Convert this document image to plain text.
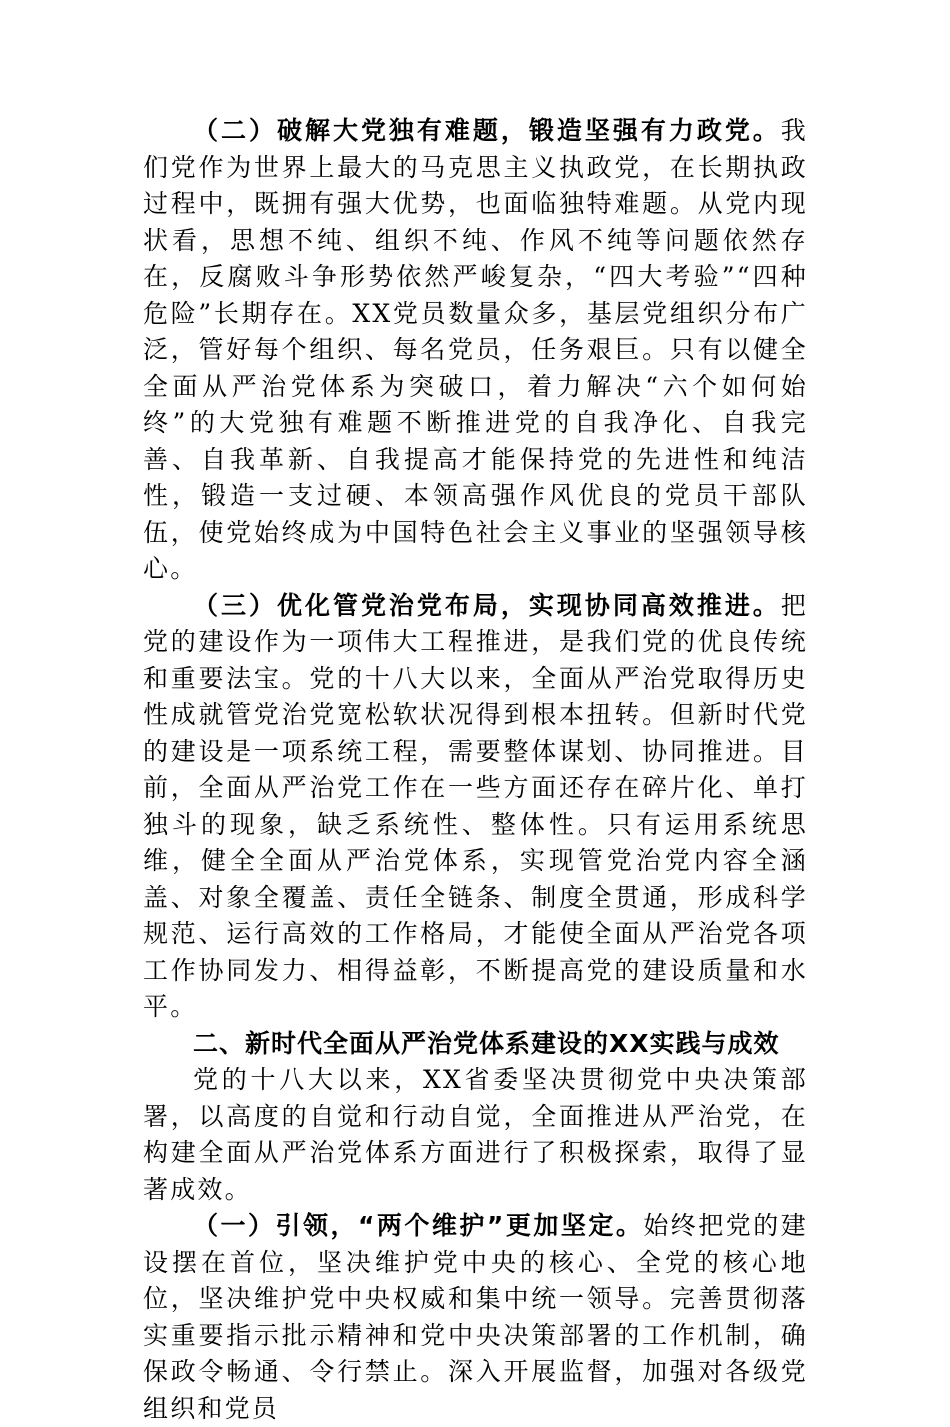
（二）破解大党独有难题，锻造坚强有力政党。我们党作为世界上最大的马克思主义执政党，在长期执政过程中，既拥有强大优势，也面临独特难题。从党内现状看，思想不纯、组织不纯、作风不纯等问题依然存在，反腐败斗争形势依然严峻复杂，“四大考验”“四种危险”长期存在。XX党员数量众多，基层党组织分布广泛，管好每个组织、每名党员，任务艰巨。只有以健全全面从严治党体系为突破口，着力解决“六个如何始终”的大党独有难题不断推进党的自我净化、自我完善、自我革新、自我提高才能保持党的先进性和纯洁性，锻造一支过硬、本领高强作风优良的党员干部队伍，使党始终成为中国特色社会主义事业的坚强领导核心。

（三）优化管党治党布局，实现协同高效推进。把党的建设作为一项伟大工程推进，是我们党的优良传统和重要法宝。党的十八大以来，全面从严治党取得历史性成就管党治党宽松软状况得到根本扭转。但新时代党的建设是一项系统工程，需要整体谋划、协同推进。目前，全面从严治党工作在一些方面还存在碎片化、单打独斗的现象，缺乏系统性、整体性。只有运用系统思维，健全全面从严治党体系，实现管党治党内容全涵盖、对象全覆盖、责任全链条、制度全贯通，形成科学规范、运行高效的工作格局，才能使全面从严治党各项工作协同发力、相得益彰，不断提高党的建设质量和水平。

二、新时代全面从严治党体系建设的XX实践与成效

党的十八大以来，XX省委坚决贯彻党中央决策部署，以高度的自觉和行动自觉，全面推进从严治党，在构建全面从严治党体系方面进行了积极探索，取得了显著成效。

（一）引领，“两个维护”更加坚定。始终把党的建设摆在首位，坚决维护党中央的核心、全党的核心地位，坚决维护党中央权威和集中统一领导。完善贯彻落实重要指示批示精神和党中央决策部署的工作机制，确保政令畅通、令行禁止。深入开展监督，加强对各级党组织和党员
